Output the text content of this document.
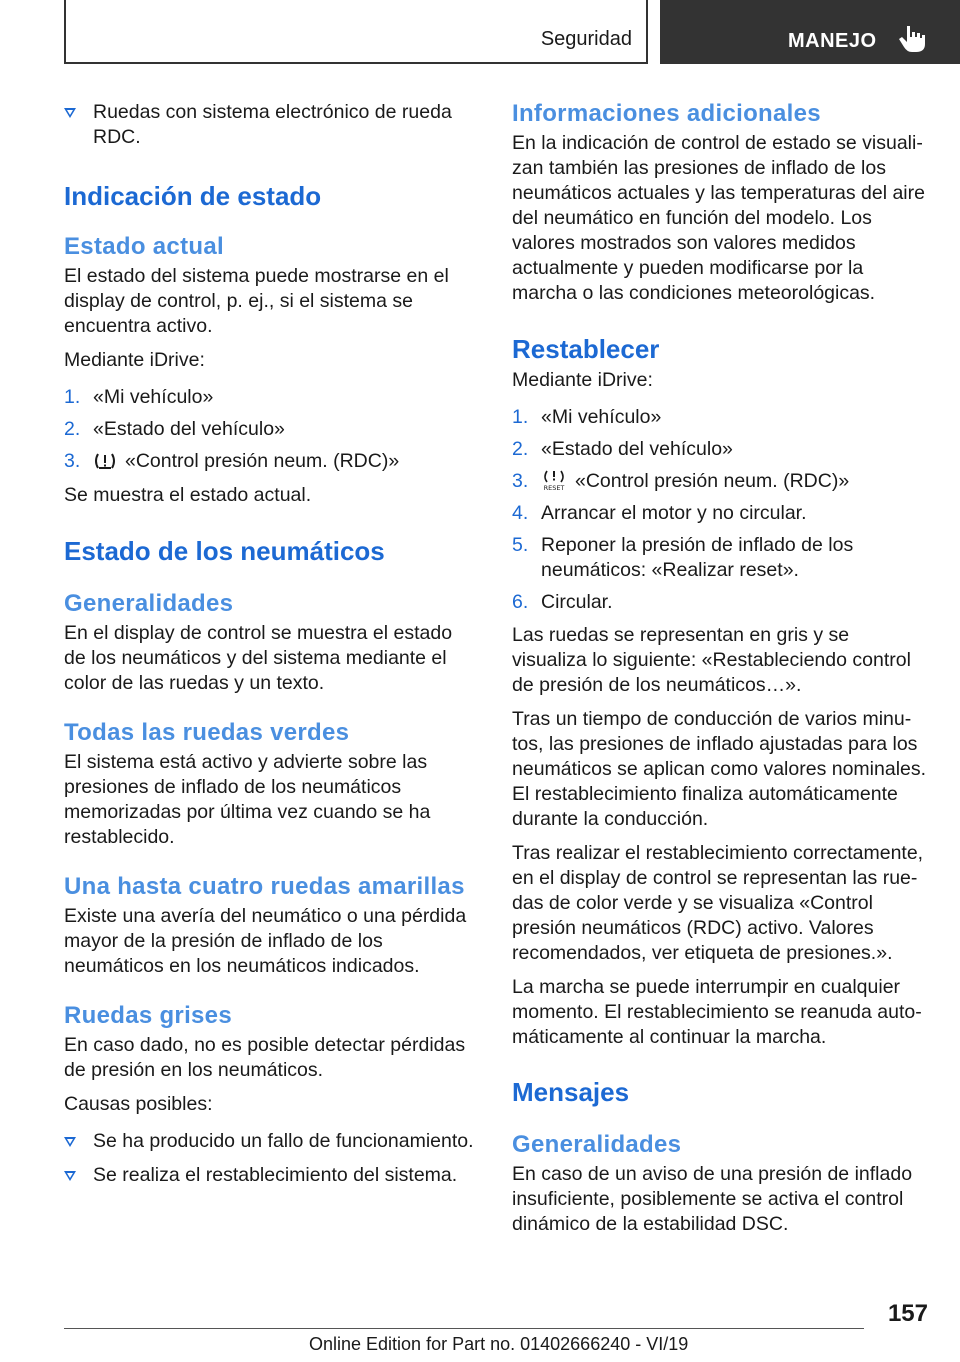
Seguridad	MANEJO
Ruedas con sistema electrónico de rueda RDC.
Indicación de estado
Estado actual

El estado del sistema puede mostrarse en el display de control, p. ej., si el sistema se encuentra activo.

Mediante iDrive:

1. «Mi vehículo»
2. «Estado del vehículo»
3. «Control presión neum. (RDC)»

Se muestra el estado actual.

Estado de los neumáticos
Generalidades

En el display de control se muestra el estado de los neumáticos y del sistema mediante el color de las ruedas y un texto.

Todas las ruedas verdes

El sistema está activo y advierte sobre las presiones de inflado de los neumáticos memorizadas por última vez cuando se ha restablecido.

Una hasta cuatro ruedas amarillas

Existe una avería del neumático o una pérdida mayor de la presión de inflado de los neumáticos en los neumáticos indicados.

Ruedas grises

En caso dado, no es posible detectar pérdidas de presión en los neumáticos.

Causas posibles:

Se ha producido un fallo de funcionamiento.
Se realiza el restablecimiento del sistema.
Informaciones adicionales

En la indicación de control de estado se visualizan también las presiones de inflado de los neumáticos actuales y las temperaturas del aire del neumático en función del modelo. Los valores mostrados son valores medidos actualmente y pueden modificarse por la marcha o las condiciones meteorológicas.

Restablecer

Mediante iDrive:

1. «Mi vehículo»
2. «Estado del vehículo»
3. RESET «Control presión neum. (RDC)»
4. Arrancar el motor y no circular.
5. Reponer la presión de inflado de los neumáticos: «Realizar reset».
6. Circular.

Las ruedas se representan en gris y se visualiza lo siguiente: «Restableciendo control de presión de los neumáticos…».

Tras un tiempo de conducción de varios minutos, las presiones de inflado ajustadas para los neumáticos se aplican como valores nominales. El restablecimiento finaliza automáticamente durante la conducción.

Tras realizar el restablecimiento correctamente, en el display de control se representan las ruedas de color verde y se visualiza «Control presión neumáticos (RDC) activo. Valores recomendados, ver etiqueta de presiones.».

La marcha se puede interrumpir en cualquier momento. El restablecimiento se reanuda automáticamente al continuar la marcha.

Mensajes
Generalidades

En caso de un aviso de una presión de inflado insuficiente, posiblemente se activa el control dinámico de la estabilidad DSC.

157
Online Edition for Part no. 01402666240 - VI/19
